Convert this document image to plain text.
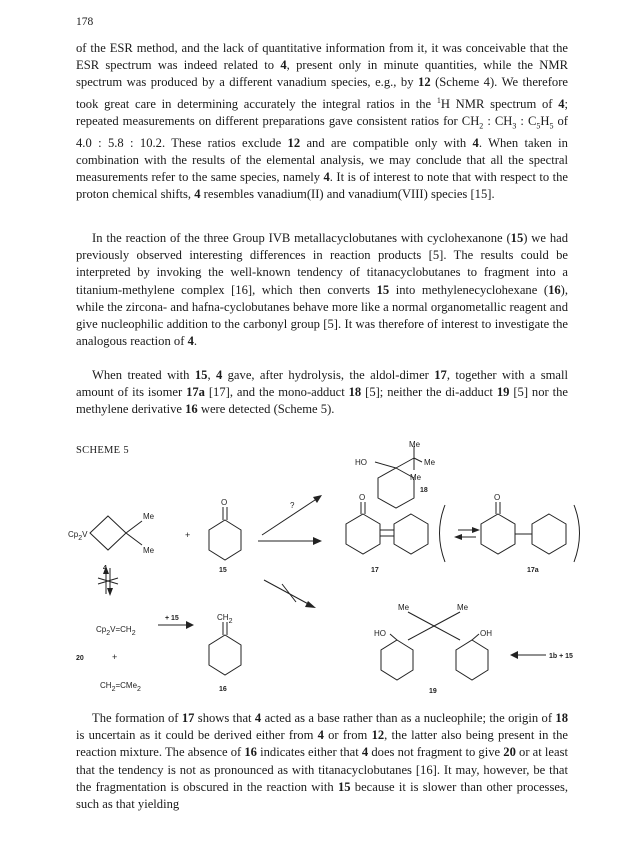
178

of the ESR method, and the lack of quantitative information from it, it was conceivable that the ESR spectrum was indeed related to 4, present only in minute quantities, while the NMR spectrum was produced by a different vanadium species, e.g., by 12 (Scheme 4). We therefore took great care in determining accurately the integral ratios in the $^1$H NMR spectrum of 4; repeated measurements on different preparations gave consistent ratios for $CH_2$ : $CH_3$ : $C_5H_5$ of 4.0 : 5.8 : 10.2. These ratios exclude 12 and are compatible only with 4. When taken in combination with the results of the elemental analysis, we may conclude that all the spectral measurements refer to the same species, namely 4. It is of interest to note that with respect to the proton chemical shifts, 4 resembles vanadium(II) and vanadium(VIII) species [15].

In the reaction of the three Group IVB metallacyclobutanes with cyclohexanone (15) we had previously observed interesting differences in reaction products [5]. The results could be interpreted by invoking the well-known tendency of titanacyclobutanes to fragment into a titanium-methylene complex [16], which then converts 15 into methylenecyclohexane (16), while the zircona- and hafna-cyclobutanes behave more like a normal organometallic reagent and give nucleophilic addition to the carbonyl group [5]. It was therefore of interest to investigate the analogous reaction of 4.

When treated with 15, 4 gave, after hydrolysis, the aldol-dimer 17, together with a small amount of its isomer 17a [17], and the mono-adduct 18 [5]; neither the di-adduct 19 [5] nor the methylene derivative 16 were detected (Scheme 5).

SCHEME 5
Me
HO	Me
Me
18
?
Cp2V
Me
Me
+
O
O	O
4	15	17	17a
Me	Me
HO	OH
19
1b + 15
CH2
+ 15
Cp2V=CH2
20	+
CH2=CMe2	16

The formation of 17 shows that 4 acted as a base rather than as a nucleophile; the origin of 18 is uncertain as it could be derived either from 4 or from 12, the latter also being present in the reaction mixture. The absence of 16 indicates either that 4 does not fragment to give 20 or at least that the tendency is not as pronounced as with titanacyclobutanes [16]. It may, however, be that the fragmentation is obscured in the reaction with 15 because it is slower than other processes, such as that yielding
